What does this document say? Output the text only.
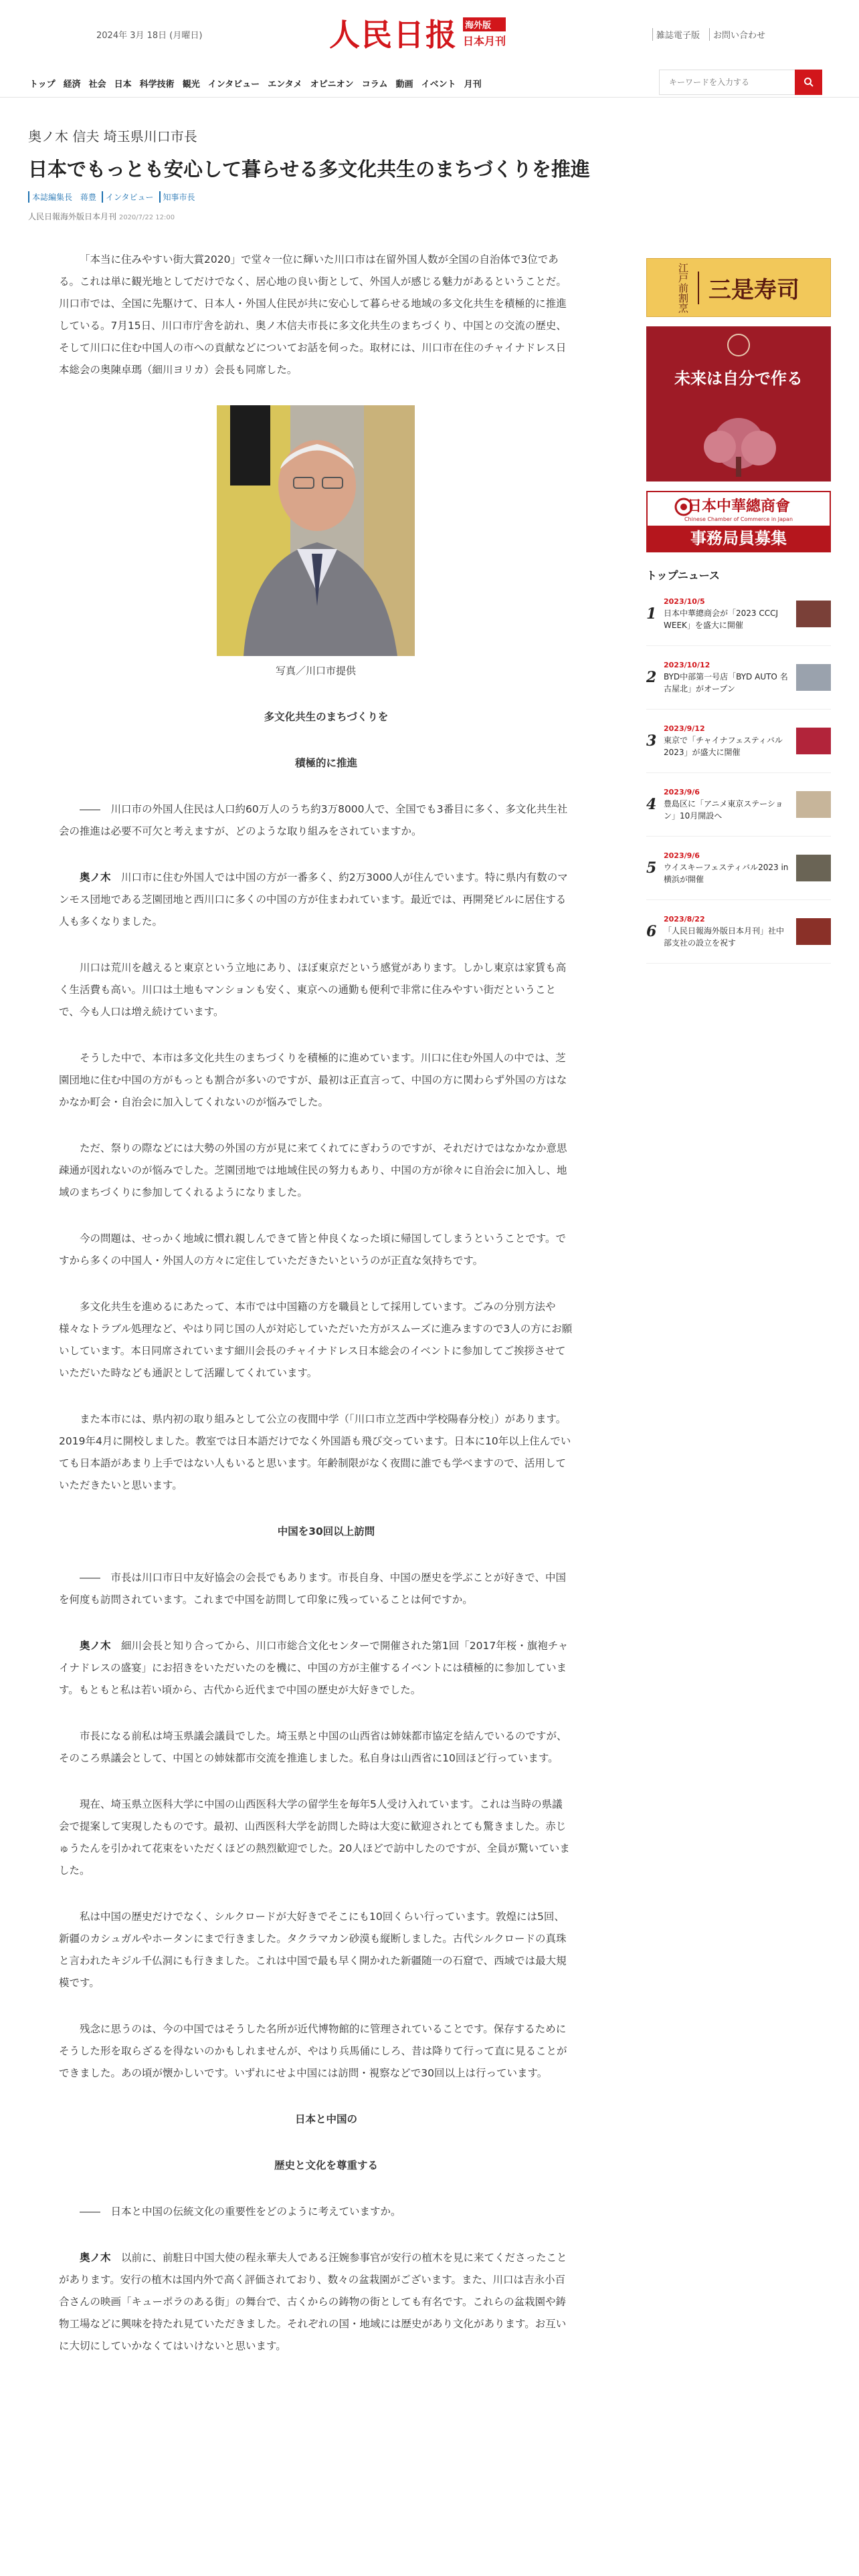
2024年 3月 18日 (月曜日)	人民日报 海外版
日本月刊	雑誌電子版	お問い合わせ
トップ 経済 社会 日本 科学技術 観光 インタビュー エンタメ オピニオン コラム 動画 イベント 月刊
キーワードを入力する
奥ノ木 信夫 埼玉県川口市長
日本でもっとも安心して暮らせる多文化共生のまちづくりを推進
本誌編集長　蒋豊	インタビュー	知事市長
人民日報海外版日本月刊 2020/7/22 12:00

「本当に住みやすい街大賞2020」で堂々一位に輝いた川口市は在留外国人数が全国の自治体で3位である。これは単に観光地としてだけでなく、居心地の良い街として、外国人が感じる魅力があるということだ。川口市では、全国に先駆けて、日本人・外国人住民が共に安心して暮らせる地域の多文化共生を積極的に推進している。7月15日、川口市庁舎を訪れ、奥ノ木信夫市長に多文化共生のまちづくり、中国との交流の歴史、そして川口に住む中国人の市への貢献などについてお話を伺った。取材には、川口市在住のチャイナドレス日本総会の奥陳卓瑪（細川ヨリカ）会長も同席した。

写真／川口市提供

多文化共生のまちづくりを

積極的に推進

――　川口市の外国人住民は人口約60万人のうち約3万8000人で、全国でも3番目に多く、多文化共生社会の推進は必要不可欠と考えますが、どのような取り組みをされていますか。

奥ノ木　川口市に住む外国人では中国の方が一番多く、約2万3000人が住んでいます。特に県内有数のマンモス団地である芝園団地と西川口に多くの中国の方が住まわれています。最近では、再開発ビルに居住する人も多くなりました。

川口は荒川を越えると東京という立地にあり、ほぼ東京だという感覚があります。しかし東京は家賃も高く生活費も高い。川口は土地もマンションも安く、東京への通勤も便利で非常に住みやすい街だということで、今も人口は増え続けています。

そうした中で、本市は多文化共生のまちづくりを積極的に進めています。川口に住む外国人の中では、芝園団地に住む中国の方がもっとも割合が多いのですが、最初は正直言って、中国の方に関わらず外国の方はなかなか町会・自治会に加入してくれないのが悩みでした。

ただ、祭りの際などには大勢の外国の方が見に来てくれてにぎわうのですが、それだけではなかなか意思疎通が図れないのが悩みでした。芝園団地では地域住民の努力もあり、中国の方が徐々に自治会に加入し、地域のまちづくりに参加してくれるようになりました。

今の問題は、せっかく地域に慣れ親しんできて皆と仲良くなった頃に帰国してしまうということです。ですから多くの中国人・外国人の方々に定住していただきたいというのが正直な気持ちです。

多文化共生を進めるにあたって、本市では中国籍の方を職員として採用しています。ごみの分別方法や様々なトラブル処理など、やはり同じ国の人が対応していただいた方がスムーズに進みますので3人の方にお願いしています。本日同席されています細川会長のチャイナドレス日本総会のイベントに参加してご挨拶させていただいた時なども通訳として活躍してくれています。

また本市には、県内初の取り組みとして公立の夜間中学（「川口市立芝西中学校陽春分校」）があります。2019年4月に開校しました。教室では日本語だけでなく外国語も飛び交っています。日本に10年以上住んでいても日本語があまり上手ではない人もいると思います。年齢制限がなく夜間に誰でも学べますので、活用していただきたいと思います。

中国を30回以上訪問

――　市長は川口市日中友好協会の会長でもあります。市長自身、中国の歴史を学ぶことが好きで、中国を何度も訪問されています。これまで中国を訪問して印象に残っていることは何ですか。

奥ノ木　細川会長と知り合ってから、川口市総合文化センターで開催された第1回「2017年桜・旗袍チャイナドレスの盛宴」にお招きをいただいたのを機に、中国の方が主催するイベントには積極的に参加しています。もともと私は若い頃から、古代から近代まで中国の歴史が大好きでした。

市長になる前私は埼玉県議会議員でした。埼玉県と中国の山西省は姉妹都市協定を結んでいるのですが、そのころ県議会として、中国との姉妹都市交流を推進しました。私自身は山西省に10回ほど行っています。

現在、埼玉県立医科大学に中国の山西医科大学の留学生を毎年5人受け入れています。これは当時の県議会で提案して実現したものです。最初、山西医科大学を訪問した時は大変に歓迎されとても驚きました。赤じゅうたんを引かれて花束をいただくほどの熱烈歓迎でした。20人ほどで訪中したのですが、全員が驚いていました。

私は中国の歴史だけでなく、シルクロードが大好きでそこにも10回くらい行っています。敦煌には5回、新疆のカシュガルやホータンにまで行きました。タクラマカン砂漠も縦断しました。古代シルクロードの真珠と言われたキジル千仏洞にも行きました。これは中国で最も早く開かれた新疆随一の石窟で、西域では最大規模です。

残念に思うのは、今の中国ではそうした名所が近代博物館的に管理されていることです。保存するためにそうした形を取らざるを得ないのかもしれませんが、やはり兵馬俑にしろ、昔は降りて行って直に見ることができました。あの頃が懐かしいです。いずれにせよ中国には訪問・視察などで30回以上は行っています。

日本と中国の

歴史と文化を尊重する

――　日本と中国の伝統文化の重要性をどのように考えていますか。

奥ノ木　以前に、前駐日中国大使の程永華夫人である汪婉参事官が安行の植木を見に来てくださったことがあります。安行の植木は国内外で高く評価されており、数々の盆栽園がございます。また、川口は吉永小百合さんの映画「キューポラのある街」の舞台で、古くからの鋳物の街としても有名です。これらの盆栽園や鋳物工場などに興味を持たれ見ていただきました。それぞれの国・地域には歴史があり文化があります。お互いに大切にしていかなくてはいけないと思います。

江戸前割烹 三是寿司
未来は自分で作る
日本中華總商會
Chinese Chamber of Commerce in Japan
事務局員募集
トップニュース
1
2023/10/5
日本中華總商会が「2023 CCCJ WEEK」を盛大に開催
2
2023/10/12
BYD中部第一号店「BYD AUTO 名古屋北」がオープン
3
2023/9/12
東京で「チャイナフェスティバル2023」が盛大に開催
4
2023/9/6
豊島区に「アニメ東京ステーション」10月開設へ
5
2023/9/6
ウイスキーフェスティバル2023 in 横浜が開催
6
2023/8/22
「人民日報海外版日本月刊」社中部支社の設立を祝す
